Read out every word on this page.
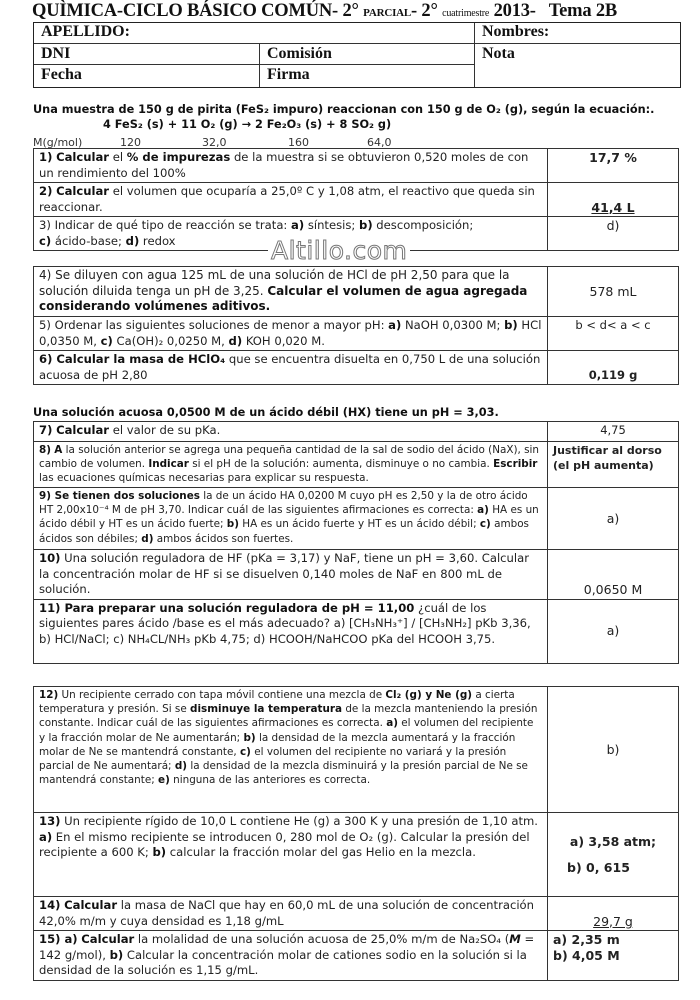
QUÌMICA-CICLO BÁSICO COMÚN- 2° PARCIAL- 2° cuatrimestre 2013- Tema 2B
APELLIDO:	Nombres:
DNI	Comisión	Nota
Fecha	Firma
Una muestra de 150 g de pirita (FeS₂ impuro) reaccionan con 150 g de O₂ (g), según la ecuación:.
4 FeS₂ (s) + 11 O₂ (g) → 2 Fe₂O₃ (s) + 8 SO₂ g)
M(g/mol)	120	32,0	160	64,0
1) Calcular el % de impurezas de la muestra si se obtuvieron 0,520 moles de con un rendimiento del 100%	17,7 %
2) Calcular el volumen que ocuparía a 25,0º C y 1,08 atm, el reactivo que queda sin reaccionar.	41,4 L
3) Indicar de qué tipo de reacción se trata: a) síntesis; b) descomposición;
c) ácido-base; d) redox	d)
Altillo.com
4) Se diluyen con agua 125 mL de una solución de HCl de pH 2,50 para que la solución diluida tenga un pH de 3,25. Calcular el volumen de agua agregada considerando volúmenes aditivos.	578 mL
5) Ordenar las siguientes soluciones de menor a mayor pH: a) NaOH 0,0300 M; b) HCl 0,0350 M, c) Ca(OH)₂ 0,0250 M, d) KOH 0,020 M.	b < d< a < c
6) Calcular la masa de HClO₄ que se encuentra disuelta en 0,750 L de una solución acuosa de pH 2,80	0,119 g
Una solución acuosa 0,0500 M de un ácido débil (HX) tiene un pH = 3,03.
7) Calcular el valor de su pKa.	4,75
8) A la solución anterior se agrega una pequeña cantidad de la sal de sodio del ácido (NaX), sin cambio de volumen. Indicar si el pH de la solución: aumenta, disminuye o no cambia. Escribir las ecuaciones químicas necesarias para explicar su respuesta.	Justificar al dorso (el pH aumenta)
9) Se tienen dos soluciones la de un ácido HA 0,0200 M cuyo pH es 2,50 y la de otro ácido HT 2,00x10⁻⁴ M de pH 3,70. Indicar cuál de las siguientes afirmaciones es correcta: a) HA es un ácido débil y HT es un ácido fuerte; b) HA es un ácido fuerte y HT es un ácido débil; c) ambos ácidos son débiles; d) ambos ácidos son fuertes.	a)
10) Una solución reguladora de HF (pKa = 3,17) y NaF, tiene un pH = 3,60. Calcular la concentración molar de HF si se disuelven 0,140 moles de NaF en 800 mL de solución.	0,0650 M
11) Para preparar una solución reguladora de pH = 11,00 ¿cuál de los siguientes pares ácido /base es el más adecuado? a) [CH₃NH₃⁺] / [CH₃NH₂] pKb 3,36, b) HCl/NaCl; c) NH₄CL/NH₃ pKb 4,75; d) HCOOH/NaHCOO pKa del HCOOH 3,75.	a)
12) Un recipiente cerrado con tapa móvil contiene una mezcla de Cl₂ (g) y Ne (g) a cierta temperatura y presión. Si se disminuye la temperatura de la mezcla manteniendo la presión constante. Indicar cuál de las siguientes afirmaciones es correcta. a) el volumen del recipiente y la fracción molar de Ne aumentarán; b) la densidad de la mezcla aumentará y la fracción molar de Ne se mantendrá constante, c) el volumen del recipiente no variará y la presión parcial de Ne aumentará; d) la densidad de la mezcla disminuirá y la presión parcial de Ne se mantendrá constante; e) ninguna de las anteriores es correcta.	b)
13) Un recipiente rígido de 10,0 L contiene He (g) a 300 K y una presión de 1,10 atm. a) En el mismo recipiente se introducen 0, 280 mol de O₂ (g). Calcular la presión del recipiente a 600 K; b) calcular la fracción molar del gas Helio en la mezcla.	a) 3,58 atm;
b) 0, 615

14) Calcular la masa de NaCl que hay en 60,0 mL de una solución de concentración 42,0% m/m y cuya densidad es 1,18 g/mL	29,7 g
15) a) Calcular la molalidad de una solución acuosa de 25,0% m/m de Na₂SO₄ (M = 142 g/mol), b) Calcular la concentración molar de cationes sodio en la solución si la densidad de la solución es 1,15 g/mL.	a) 2,35 m
b) 4,05 M
